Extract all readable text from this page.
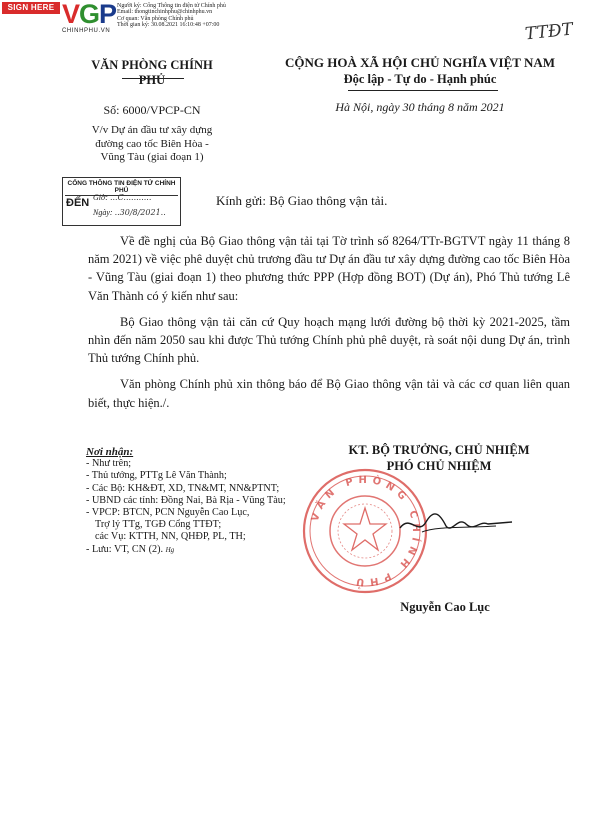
SIGN HERE VGP
CHINHPHU.VN
Người ký: Cổng Thông tin điện tử Chính phủ
Email: thongtinchinhphu@chinhphu.vn
Cơ quan: Văn phòng Chính phủ
Thời gian ký: 30.08.2021 16:10:48 +07:00	TTĐT
VĂN PHÒNG CHÍNH PHỦ
CỘNG HOÀ XÃ HỘI CHỦ NGHĨA VIỆT NAM
Độc lập - Tự do - Hạnh phúc
Số: 6000/VPCP-CN	Hà Nội, ngày 30 tháng 8 năm 2021
V/v Dự án đầu tư xây dựng
đường cao tốc Biên Hòa -
Vũng Tàu (giai đoạn 1)
CỔNG THÔNG TIN ĐIỆN TỬ CHÍNH PHỦ
ĐẾN Giờ: ...C...........
Ngày: ..30/8/2021..
Kính gửi: Bộ Giao thông vận tải.

Về đề nghị của Bộ Giao thông vận tải tại Tờ trình số 8264/TTr-BGTVT ngày 11 tháng 8 năm 2021) về việc phê duyệt chủ trương đầu tư Dự án đầu tư xây dựng đường cao tốc Biên Hòa - Vũng Tàu (giai đoạn 1) theo phương thức PPP (Hợp đồng BOT) (Dự án), Phó Thủ tướng Lê Văn Thành có ý kiến như sau:

Bộ Giao thông vận tải căn cứ Quy hoạch mạng lưới đường bộ thời kỳ 2021-2025, tầm nhìn đến năm 2050 sau khi được Thủ tướng Chính phủ phê duyệt, rà soát nội dung Dự án, trình Thủ tướng Chính phủ.

Văn phòng Chính phủ xin thông báo để Bộ Giao thông vận tải và các cơ quan liên quan biết, thực hiện./.

Nơi nhận:
- Như trên;
- Thủ tướng, PTTg Lê Văn Thành;
- Các Bộ: KH&ĐT, XD, TN&MT, NN&PTNT;
- UBND các tỉnh: Đồng Nai, Bà Rịa - Vũng Tàu;
- VPCP: BTCN, PCN Nguyễn Cao Lục,
Trợ lý TTg, TGĐ Cổng TTĐT;
các Vụ: KTTH, NN, QHĐP, PL, TH;
- Lưu: VT, CN (2). Hg
KT. BỘ TRƯỞNG, CHỦ NHIỆM
PHÓ CHỦ NHIỆM
VĂN PHÒNG CHÍNH PHỦ
Nguyễn Cao Lục
